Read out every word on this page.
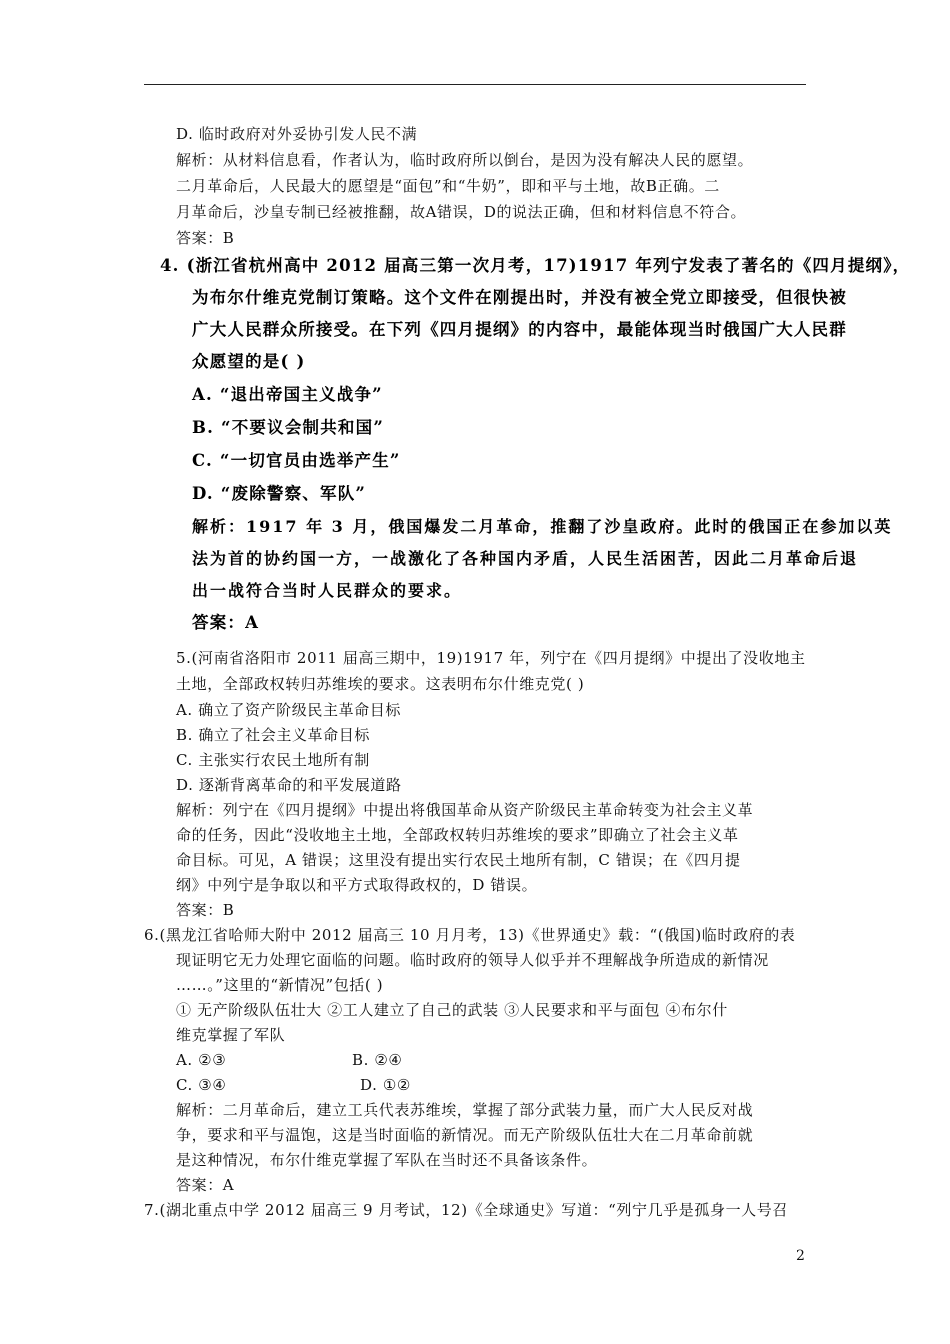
D. 临时政府对外妥协引发人民不满
解析：从材料信息看，作者认为，临时政府所以倒台，是因为没有解决人民的愿望。
二月革命后，人民最大的愿望是“面包”和“牛奶”，即和平与土地，故B正确。二
月革命后，沙皇专制已经被推翻，故A错误，D的说法正确，但和材料信息不符合。
答案：B
4. (浙江省杭州高中 2012 届高三第一次月考，17)1917 年列宁发表了著名的《四月提纲》，
为布尔什维克党制订策略。这个文件在刚提出时，并没有被全党立即接受，但很快被
广大人民群众所接受。在下列《四月提纲》的内容中，最能体现当时俄国广大人民群
众愿望的是( )
A. “退出帝国主义战争”
B. “不要议会制共和国”
C. “一切官员由选举产生”
D. “废除警察、军队”
解析：1917 年 3 月，俄国爆发二月革命，推翻了沙皇政府。此时的俄国正在参加以英
法为首的协约国一方，一战激化了各种国内矛盾，人民生活困苦，因此二月革命后退
出一战符合当时人民群众的要求。
答案：A
5.(河南省洛阳市 2011 届高三期中，19)1917 年，列宁在《四月提纲》中提出了没收地主
土地，全部政权转归苏维埃的要求。这表明布尔什维克党( )
A. 确立了资产阶级民主革命目标
B. 确立了社会主义革命目标
C. 主张实行农民土地所有制
D. 逐渐背离革命的和平发展道路
解析：列宁在《四月提纲》中提出将俄国革命从资产阶级民主革命转变为社会主义革
命的任务，因此“没收地主土地，全部政权转归苏维埃的要求”即确立了社会主义革
命目标。可见，A 错误；这里没有提出实行农民土地所有制，C 错误；在《四月提
纲》中列宁是争取以和平方式取得政权的，D 错误。
答案：B
6.(黑龙江省哈师大附中 2012 届高三 10 月月考，13)《世界通史》载：“(俄国)临时政府的表
现证明它无力处理它面临的问题。临时政府的领导人似乎并不理解战争所造成的新情况
……。”这里的“新情况”包括( )
① 无产阶级队伍壮大 ②工人建立了自己的武装 ③人民要求和平与面包 ④布尔什
维克掌握了军队
A. ②③	B. ②④
C. ③④	D. ①②
解析：二月革命后，建立工兵代表苏维埃，掌握了部分武装力量，而广大人民反对战
争，要求和平与温饱，这是当时面临的新情况。而无产阶级队伍壮大在二月革命前就
是这种情况，布尔什维克掌握了军队在当时还不具备该条件。
答案：A
7.(湖北重点中学 2012 届高三 9 月考试，12)《全球通史》写道：“列宁几乎是孤身一人号召
2
